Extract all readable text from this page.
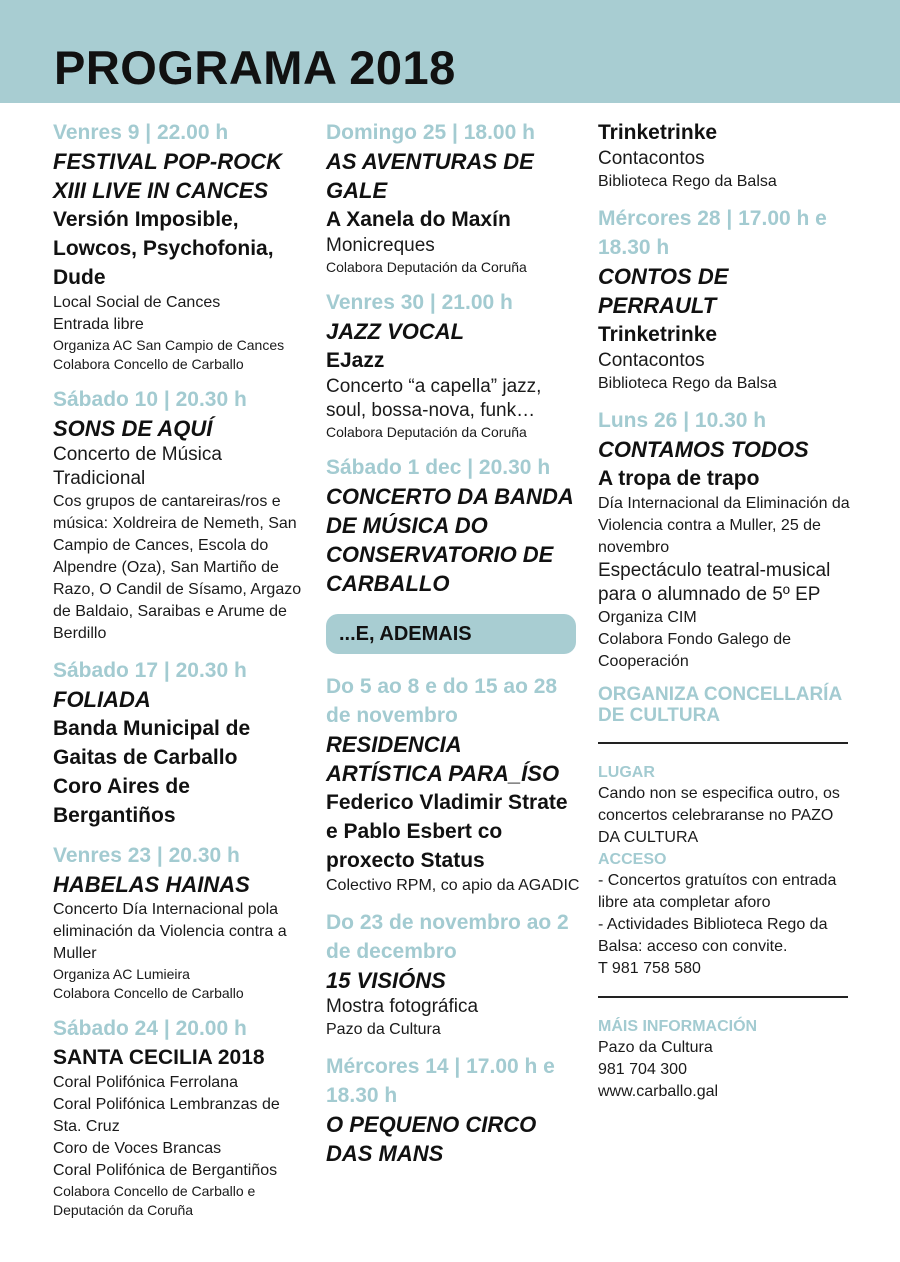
PROGRAMA 2018
Venres 9 | 22.00 h
FESTIVAL POP-ROCK XIII LIVE IN CANCES
Versión Imposible, Lowcos, Psychofonia, Dude
Local Social de Cances
Entrada libre
Organiza AC San Campio de Cances
Colabora Concello de Carballo
Sábado 10 | 20.30 h
SONS DE AQUÍ
Concerto de Música Tradicional
Cos grupos de cantareiras/ros e música: Xoldreira de Nemeth, San Campio de Cances, Escola do Alpendre (Oza), San Martiño de Razo, O Candil de Sísamo, Argazo de Baldaio, Saraibas e Arume de Berdillo
Sábado 17 | 20.30 h
FOLIADA
Banda Municipal de Gaitas de Carballo
Coro Aires de Bergantiños
Venres 23 | 20.30 h
HABELAS HAINAS
Concerto Día Internacional pola eliminación da Violencia contra a Muller
Organiza AC Lumieira
Colabora Concello de Carballo
Sábado 24 | 20.00 h
SANTA CECILIA 2018
Coral Polifónica Ferrolana
Coral Polifónica Lembranzas de Sta. Cruz
Coro de Voces Brancas
Coral Polifónica de Bergantiños
Colabora Concello de Carballo e Deputación da Coruña
Domingo 25 | 18.00 h
AS AVENTURAS DE GALE
A Xanela do Maxín
Monicreques
Colabora Deputación da Coruña
Venres 30 | 21.00 h
JAZZ VOCAL
EJazz
Concerto “a capella” jazz, soul, bossa-nova, funk…
Colabora Deputación da Coruña
Sábado 1 dec | 20.30 h
CONCERTO DA BANDA DE MÚSICA DO CONSERVATORIO DE CARBALLO
...E, ADEMAIS
Do 5 ao 8 e do 15 ao 28 de novembro
RESIDENCIA ARTÍSTICA PARA_ÍSO
Federico Vladimir Strate e Pablo Esbert co proxecto Status
Colectivo RPM, co apio da AGADIC
Do 23 de novembro ao 2 de decembro
15 VISIÓNS
Mostra fotográfica
Pazo da Cultura
Mércores 14 | 17.00 h e 18.30 h
O PEQUENO CIRCO DAS MANS
Trinketrinke
Contacontos
Biblioteca Rego da Balsa
Mércores 28 | 17.00 h e 18.30 h
CONTOS DE PERRAULT
Trinketrinke
Contacontos
Biblioteca Rego da Balsa
Luns 26 | 10.30 h
CONTAMOS TODOS
A tropa de trapo
Día Internacional da Eliminación da Violencia contra a Muller, 25 de novembro
Espectáculo teatral-musical para o alumnado de 5º EP
Organiza CIM
Colabora Fondo Galego de Cooperación
ORGANIZA CONCELLARÍA DE CULTURA
LUGAR
Cando non se especifica outro, os concertos celebraranse no PAZO DA CULTURA
ACCESO
- Concertos gratuítos con entrada libre ata completar aforo
- Actividades Biblioteca Rego da Balsa: acceso con convite.
T 981 758 580
MÁIS INFORMACIÓN
Pazo da Cultura
981 704 300
www.carballo.gal
